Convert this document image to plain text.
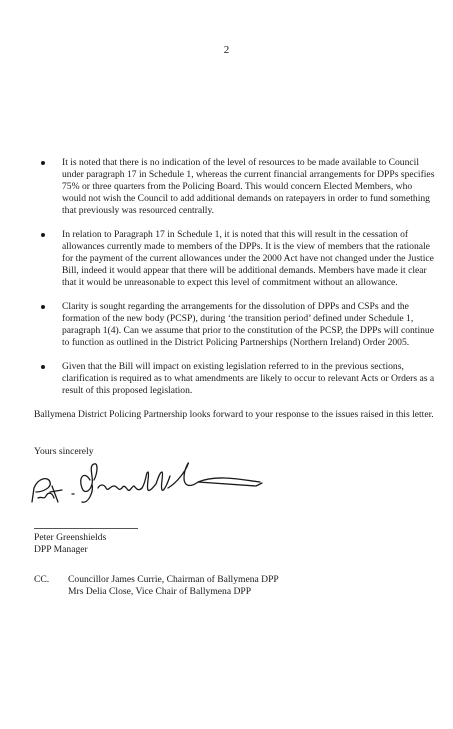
2
It is noted that there is no indication of the level of resources to be made available to Council under paragraph 17 in Schedule 1, whereas the current financial arrangements for DPPs specifies 75% or three quarters from the Policing Board. This would concern Elected Members, who would not wish the Council to add additional demands on ratepayers in order to fund something that previously was resourced centrally.
In relation to Paragraph 17 in Schedule 1, it is noted that this will result in the cessation of allowances currently made to members of the DPPs. It is the view of members that the rationale for the payment of the current allowances under the 2000 Act have not changed under the Justice Bill, indeed it would appear that there will be additional demands. Members have made it clear that it would be unreasonable to expect this level of commitment without an allowance.
Clarity is sought regarding the arrangements for the dissolution of DPPs and CSPs and the formation of the new body (PCSP), during ‘the transition period’ defined under Schedule 1, paragraph 1(4). Can we assume that prior to the constitution of the PCSP, the DPPs will continue to function as outlined in the District Policing Partnerships (Northern Ireland) Order 2005.
Given that the Bill will impact on existing legislation referred to in the previous sections, clarification is required as to what amendments are likely to occur to relevant Acts or Orders as a result of this proposed legislation.

Ballymena District Policing Partnership looks forward to your response to the issues raised in this letter.

Yours sincerely

Peter Greenshields
DPP Manager
CC. Councillor James Currie, Chairman of Ballymena DPP
Mrs Delia Close, Vice Chair of Ballymena DPP
